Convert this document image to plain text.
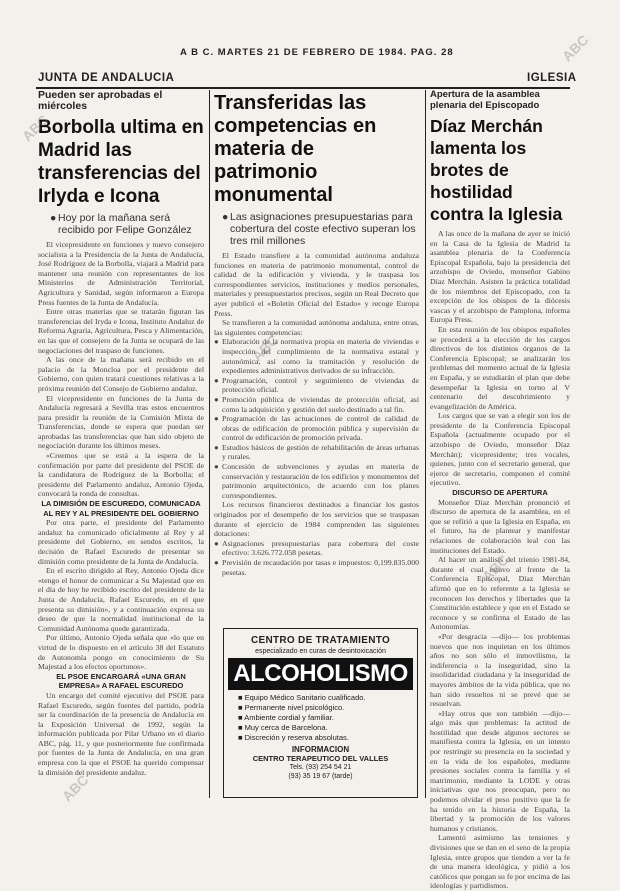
A B C. MARTES 21 DE FEBRERO DE 1984. PAG. 28
JUNTA DE ANDALUCIA	IGLESIA
Pueden ser aprobadas el miércoles
Borbolla ultima en Madrid las transferencias del Irlyda e Icona
● Hoy por la mañana será recibido por Felipe González

El vicepresidente en funciones y nuevo consejero socialista a la Presidencia de la Junta de Andalucía, José Rodríguez de la Borbolla, viajará a Madrid para mantener una reunión con representantes de los Ministerios de Administración Territorial, Agricultura y Sanidad, según informaron a Europa Press fuentes de la Junta de Andalucía.

Entre otras materias que se tratarán figuran las transferencias del Iryda e Icona, Instituto Andaluz de Reforma Agraria, Agricultura, Pesca y Alimentación, en las que el consejero de la Junta se ocupará de las negociaciones del traspaso de funciones.

A las once de la mañana será recibido en el palacio de la Moncloa por el presidente del Gobierno, con quien tratará cuestiones relativas a la próxima reunión del Consejo de Gobierno andaluz.

El vicepresidente en funciones de la Junta de Andalucía regresará a Sevilla tras estos encuentros para presidir la reunión de la Comisión Mixta de Transferencias, donde se espera que puedan ser aprobadas las transferencias que han sido objeto de negociación durante los últimos meses.

«Creemos que se está a la espera de la confirmación por parte del presidente del PSOE de la candidatura de Rodríguez de la Borbolla; el presidente del Parlamento andaluz, Antonio Ojeda, convocará la ronda de consultas.

LA DIMISIÓN DE ESCUREDO, COMUNICADA AL REY Y AL PRESIDENTE DEL GOBIERNO

Por otra parte, el presidente del Parlamento andaluz ha comunicado oficialmente al Rey y al presidente del Gobierno, en sendos escritos, la decisión de Rafael Escuredo de presentar su dimisión como presidente de la Junta de Andalucía.

En el escrito dirigido al Rey, Antonio Ojeda dice «tengo el honor de comunicar a Su Majestad que en el día de hoy he recibido escrito del presidente de la Junta de Andalucía, Rafael Escuredo, en el que presenta su dimisión», y a continuación expresa su deseo de que la normalidad institucional de la Comunidad Autónoma quede garantizada.

Por último, Antonio Ojeda señala que «lo que en virtud de lo dispuesto en el artículo 38 del Estatuto de Autonomía pongo en conocimiento de Su Majestad a los efectos oportunos».

EL PSOE ENCARGARÁ «UNA GRAN EMPRESA» A RAFAEL ESCUREDO

Un encargo del comité ejecutivo del PSOE para Rafael Escuredo, según fuentes del partido, podría ser la coordinación de la presencia de Andalucía en la Exposición Universal de 1992, según la información publicada por Pilar Urbano en el diario ABC, pág. 11, y que posteriormente fue confirmada por fuentes de la Junta de Andalucía, en una gran empresa con la que el PSOE ha querido compensar la dimisión del presidente andaluz.

Transferidas las competencias en materia de patrimonio monumental
● Las asignaciones presupuestarias para cobertura del coste efectivo superan los tres mil millones

El Estado transfiere a la comunidad autónoma andaluza funciones en materia de patrimonio monumental, control de calidad de la edificación y vivienda, y le traspasa los correspondientes servicios, instituciones y medios personales, materiales y presupuestarios precisos, según un Real Decreto que ayer publicó el «Boletín Oficial del Estado» y recoge Europa Press.

Se transfieren a la comunidad autónoma andaluza, entre otras, las siguientes competencias:

● Elaboración de la normativa propia en materia de viviendas e inspección del cumplimiento de la normativa estatal y autonómica, así como la tramitación y resolución de expedientes administrativos derivados de su infracción.
● Programación, control y seguimiento de viviendas de protección oficial.
● Promoción pública de viviendas de protección oficial, así como la adquisición y gestión del suelo destinado a tal fin.
● Programación de las actuaciones de control de calidad de obras de edificación de promoción pública y supervisión de control de edificación de promoción privada.
● Estudios básicos de gestión de rehabilitación de áreas urbanas y rurales.
● Concesión de subvenciones y ayudas en materia de conservación y restauración de los edificios y monumentos del patrimonio arquitectónico, de acuerdo con los planes correspondientes.

Los recursos financieros destinados a financiar los gastos originados por el desempeño de los servicios que se traspasan durante el ejercicio de 1984 comprenden las siguientes dotaciones:

● Asignaciones presupuestarias para cobertura del coste efectivo: 3.626.772.058 pesetas.
● Previsión de recaudación por tasas e impuestos: 0,199.835.000 pesetas.
CENTRO DE TRATAMIENTO
especializado en curas de desintoxicación
ALCOHOLISMO
■ Equipo Médico Sanitario cualificado.
■ Permanente nivel psicológico.
■ Ambiente cordial y familiar.
■ Muy cerca de Barcelona.
■ Discreción y reserva absolutas.
INFORMACION
CENTRO TERAPEUTICO DEL VALLES
Tels. (93) 254 54 21
(93) 35 19 67 (tarde)
Apertura de la asamblea plenaria del Episcopado
Díaz Merchán lamenta los brotes de hostilidad contra la Iglesia

A las once de la mañana de ayer se inició en la Casa de la Iglesia de Madrid la asamblea plenaria de la Conferencia Episcopal Española, bajo la presidencia del arzobispo de Oviedo, monseñor Gabino Díaz Merchán. Asisten la práctica totalidad de los miembros del Episcopado, con la excepción de los obispos de la diócesis vascas y el arzobispo de Pamplona, informa Europa Press.

En esta reunión de los obispos españoles se procederá a la elección de los cargos directivos de los distintos órganos de la Conferencia Episcopal; se analizarán los problemas del momento actual de la Iglesia en España, y se estudiarán el plan que debe desempeñar la Iglesia en torno al V centenario del descubrimiento y evangelización de América.

Los cargos que se van a elegir son los de presidente de la Conferencia Episcopal Española (actualmente ocupado por el arzobispo de Oviedo, monseñor Díaz Merchán); vicepresidente; tres vocales, quienes, junto con el secretario general, que ejerce de secretario, componen el comité ejecutivo.

DISCURSO DE APERTURA

Monseñor Díaz Merchán pronunció el discurso de apertura de la asamblea, en el que se refirió a que la Iglesia en España, en el futuro, ha de plantear y manifestar relaciones de colaboración leal con las instituciones del Estado.

Al hacer un análisis del trienio 1981-84, durante el cual estuvo al frente de la Conferencia Episcopal, Díaz Merchán afirmó que en lo referente a la Iglesia se reconocen los derechos y libertades que la Constitución establece y que en el Estado se reconoce y se confirma el Estado de las Autonomías.

«Por desgracia —dijo— los problemas nuevos que nos inquietan en los últimos años no son sólo el inmovilismo, la indiferencia o la inseguridad, sino la insolidaridad ciudadana y la inseguridad de mayores ámbitos de la vida pública, que no han sido resueltos ni se prevé que se resuelvan.

«Hay otros que son también —dijo— algo más que problemas: la actitud de hostilidad que desde algunos sectores se manifiesta contra la Iglesia, en un intento por restringir su presencia en la sociedad y en la vida de los españoles, mediante presiones sociales contra la familia y el matrimonio, mediante la LODE y otras iniciativas que nos preocupan, pero no podemos olvidar el peso positivo que la fe ha tenido en la historia de España, la libertad y la promoción de los valores humanos y cristianos.

Lamentó asimismo las tensiones y divisiones que se dan en el seno de la propia Iglesia, entre grupos que tienden a ver la fe de una manera ideológica, y pidió a los católicos que pongan su fe por encima de las ideologías y partidismos.

ABC
ABC
ABC
ABC
ABC
